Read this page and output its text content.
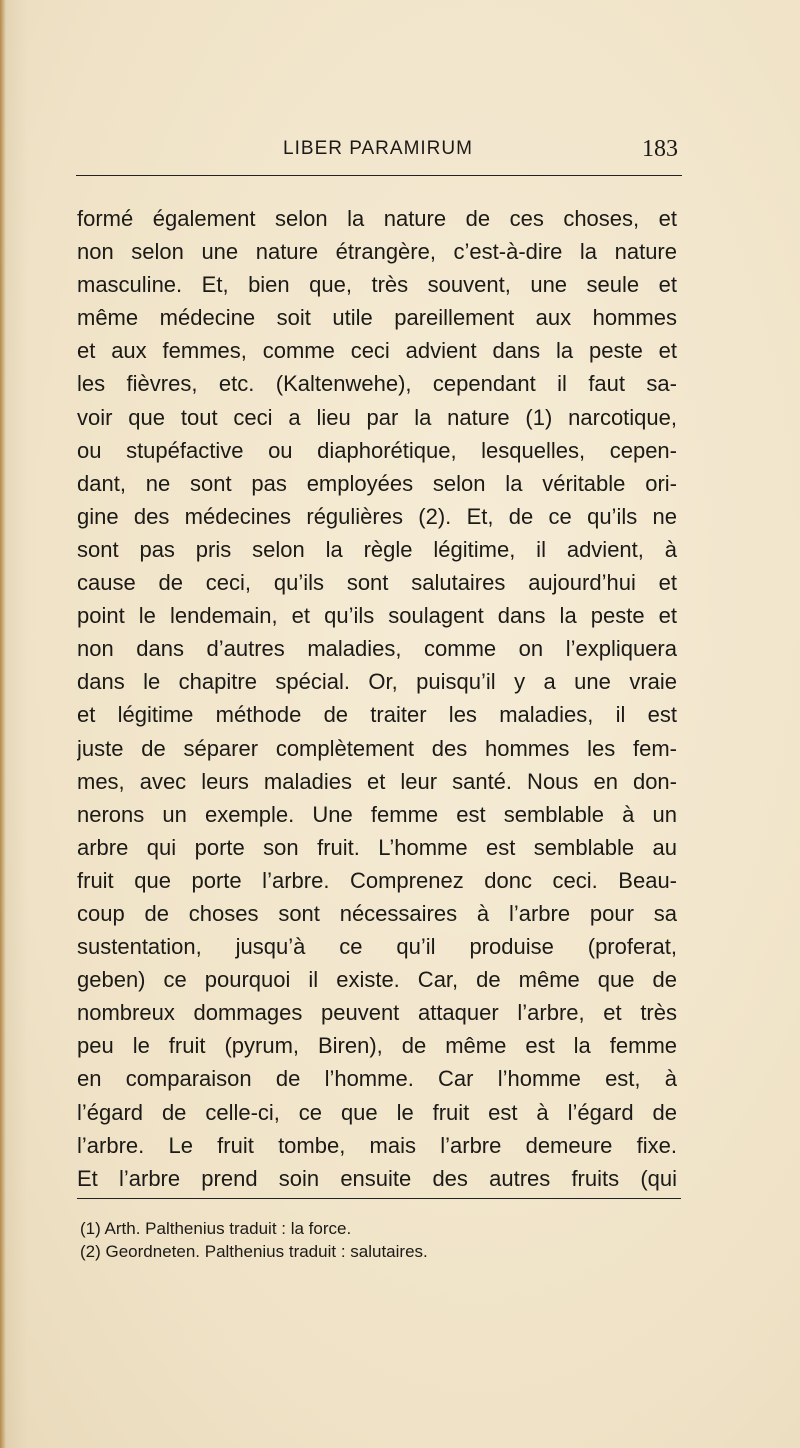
LIBER PARAMIRUM	183
formé également selon la nature de ces choses, et
non selon une nature étrangère, c’est-à-dire la nature
masculine. Et, bien que, très souvent, une seule et
même médecine soit utile pareillement aux hommes
et aux femmes, comme ceci advient dans la peste et
les fièvres, etc. (Kaltenwehe), cependant il faut sa-
voir que tout ceci a lieu par la nature (1) narcotique,
ou stupéfactive ou diaphorétique, lesquelles, cepen-
dant, ne sont pas employées selon la véritable ori-
gine des médecines régulières (2). Et, de ce qu’ils ne
sont pas pris selon la règle légitime, il advient, à
cause de ceci, qu’ils sont salutaires aujourd’hui et
point le lendemain, et qu’ils soulagent dans la peste et
non dans d’autres maladies, comme on l’expliquera
dans le chapitre spécial. Or, puisqu’il y a une vraie
et légitime méthode de traiter les maladies, il est
juste de séparer complètement des hommes les fem-
mes, avec leurs maladies et leur santé. Nous en don-
nerons un exemple. Une femme est semblable à un
arbre qui porte son fruit. L’homme est semblable au
fruit que porte l’arbre. Comprenez donc ceci. Beau-
coup de choses sont nécessaires à l’arbre pour sa
sustentation, jusqu’à ce qu’il produise (proferat,
geben) ce pourquoi il existe. Car, de même que de
nombreux dommages peuvent attaquer l’arbre, et très
peu le fruit (pyrum, Biren), de même est la femme
en comparaison de l’homme. Car l’homme est, à
l’égard de celle-ci, ce que le fruit est à l’égard de
l’arbre. Le fruit tombe, mais l’arbre demeure fixe.
Et l’arbre prend soin ensuite des autres fruits (qui
(1) Arth. Palthenius traduit : la force.
(2) Geordneten. Palthenius traduit : salutaires.
